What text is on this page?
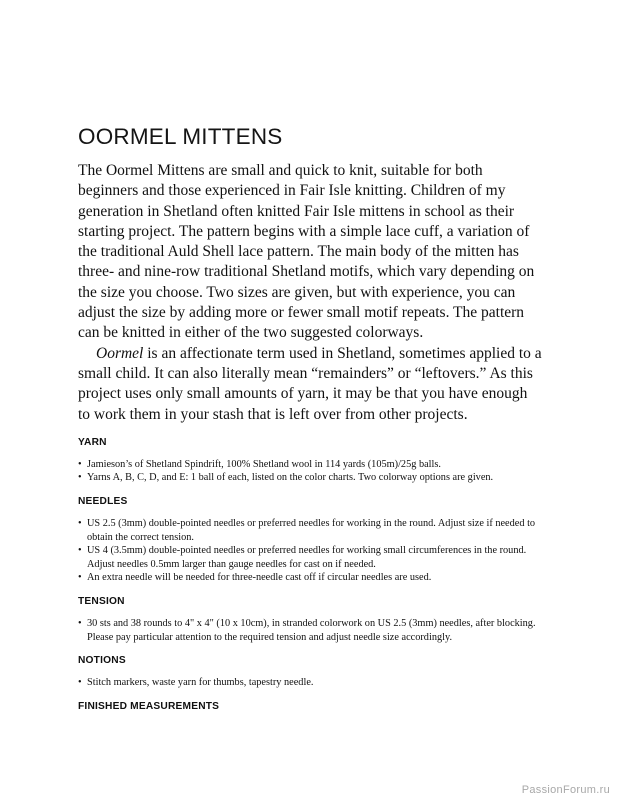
OORMEL MITTENS

The Oormel Mittens are small and quick to knit, suitable for both beginners and those experienced in Fair Isle knitting. Children of my generation in Shetland often knitted Fair Isle mittens in school as their starting project. The pattern begins with a simple lace cuff, a variation of the traditional Auld Shell lace pattern. The main body of the mitten has three- and nine-row traditional Shetland motifs, which vary depending on the size you choose. Two sizes are given, but with experience, you can adjust the size by adding more or fewer small motif repeats. The pattern can be knitted in either of the two suggested colorways.

Oormel is an affectionate term used in Shetland, sometimes applied to a small child. It can also literally mean “remainders” or “leftovers.” As this project uses only small amounts of yarn, it may be that you have enough to work them in your stash that is left over from other projects.

YARN
• Jamieson’s of Shetland Spindrift, 100% Shetland wool in 114 yards (105m)/25g balls.
• Yarns A, B, C, D, and E: 1 ball of each, listed on the color charts. Two colorway options are given.
NEEDLES
• US 2.5 (3mm) double-pointed needles or preferred needles for working in the round. Adjust size if needed to obtain the correct tension.
• US 4 (3.5mm) double-pointed needles or preferred needles for working small circumferences in the round. Adjust needles 0.5mm larger than gauge needles for cast on if needed.
• An extra needle will be needed for three-needle cast off if circular needles are used.
TENSION
• 30 sts and 38 rounds to 4" x 4" (10 x 10cm), in stranded colorwork on US 2.5 (3mm) needles, after blocking. Please pay particular attention to the required tension and adjust needle size accordingly.
NOTIONS
• Stitch markers, waste yarn for thumbs, tapestry needle.
FINISHED MEASUREMENTS
PassionForum.ru
